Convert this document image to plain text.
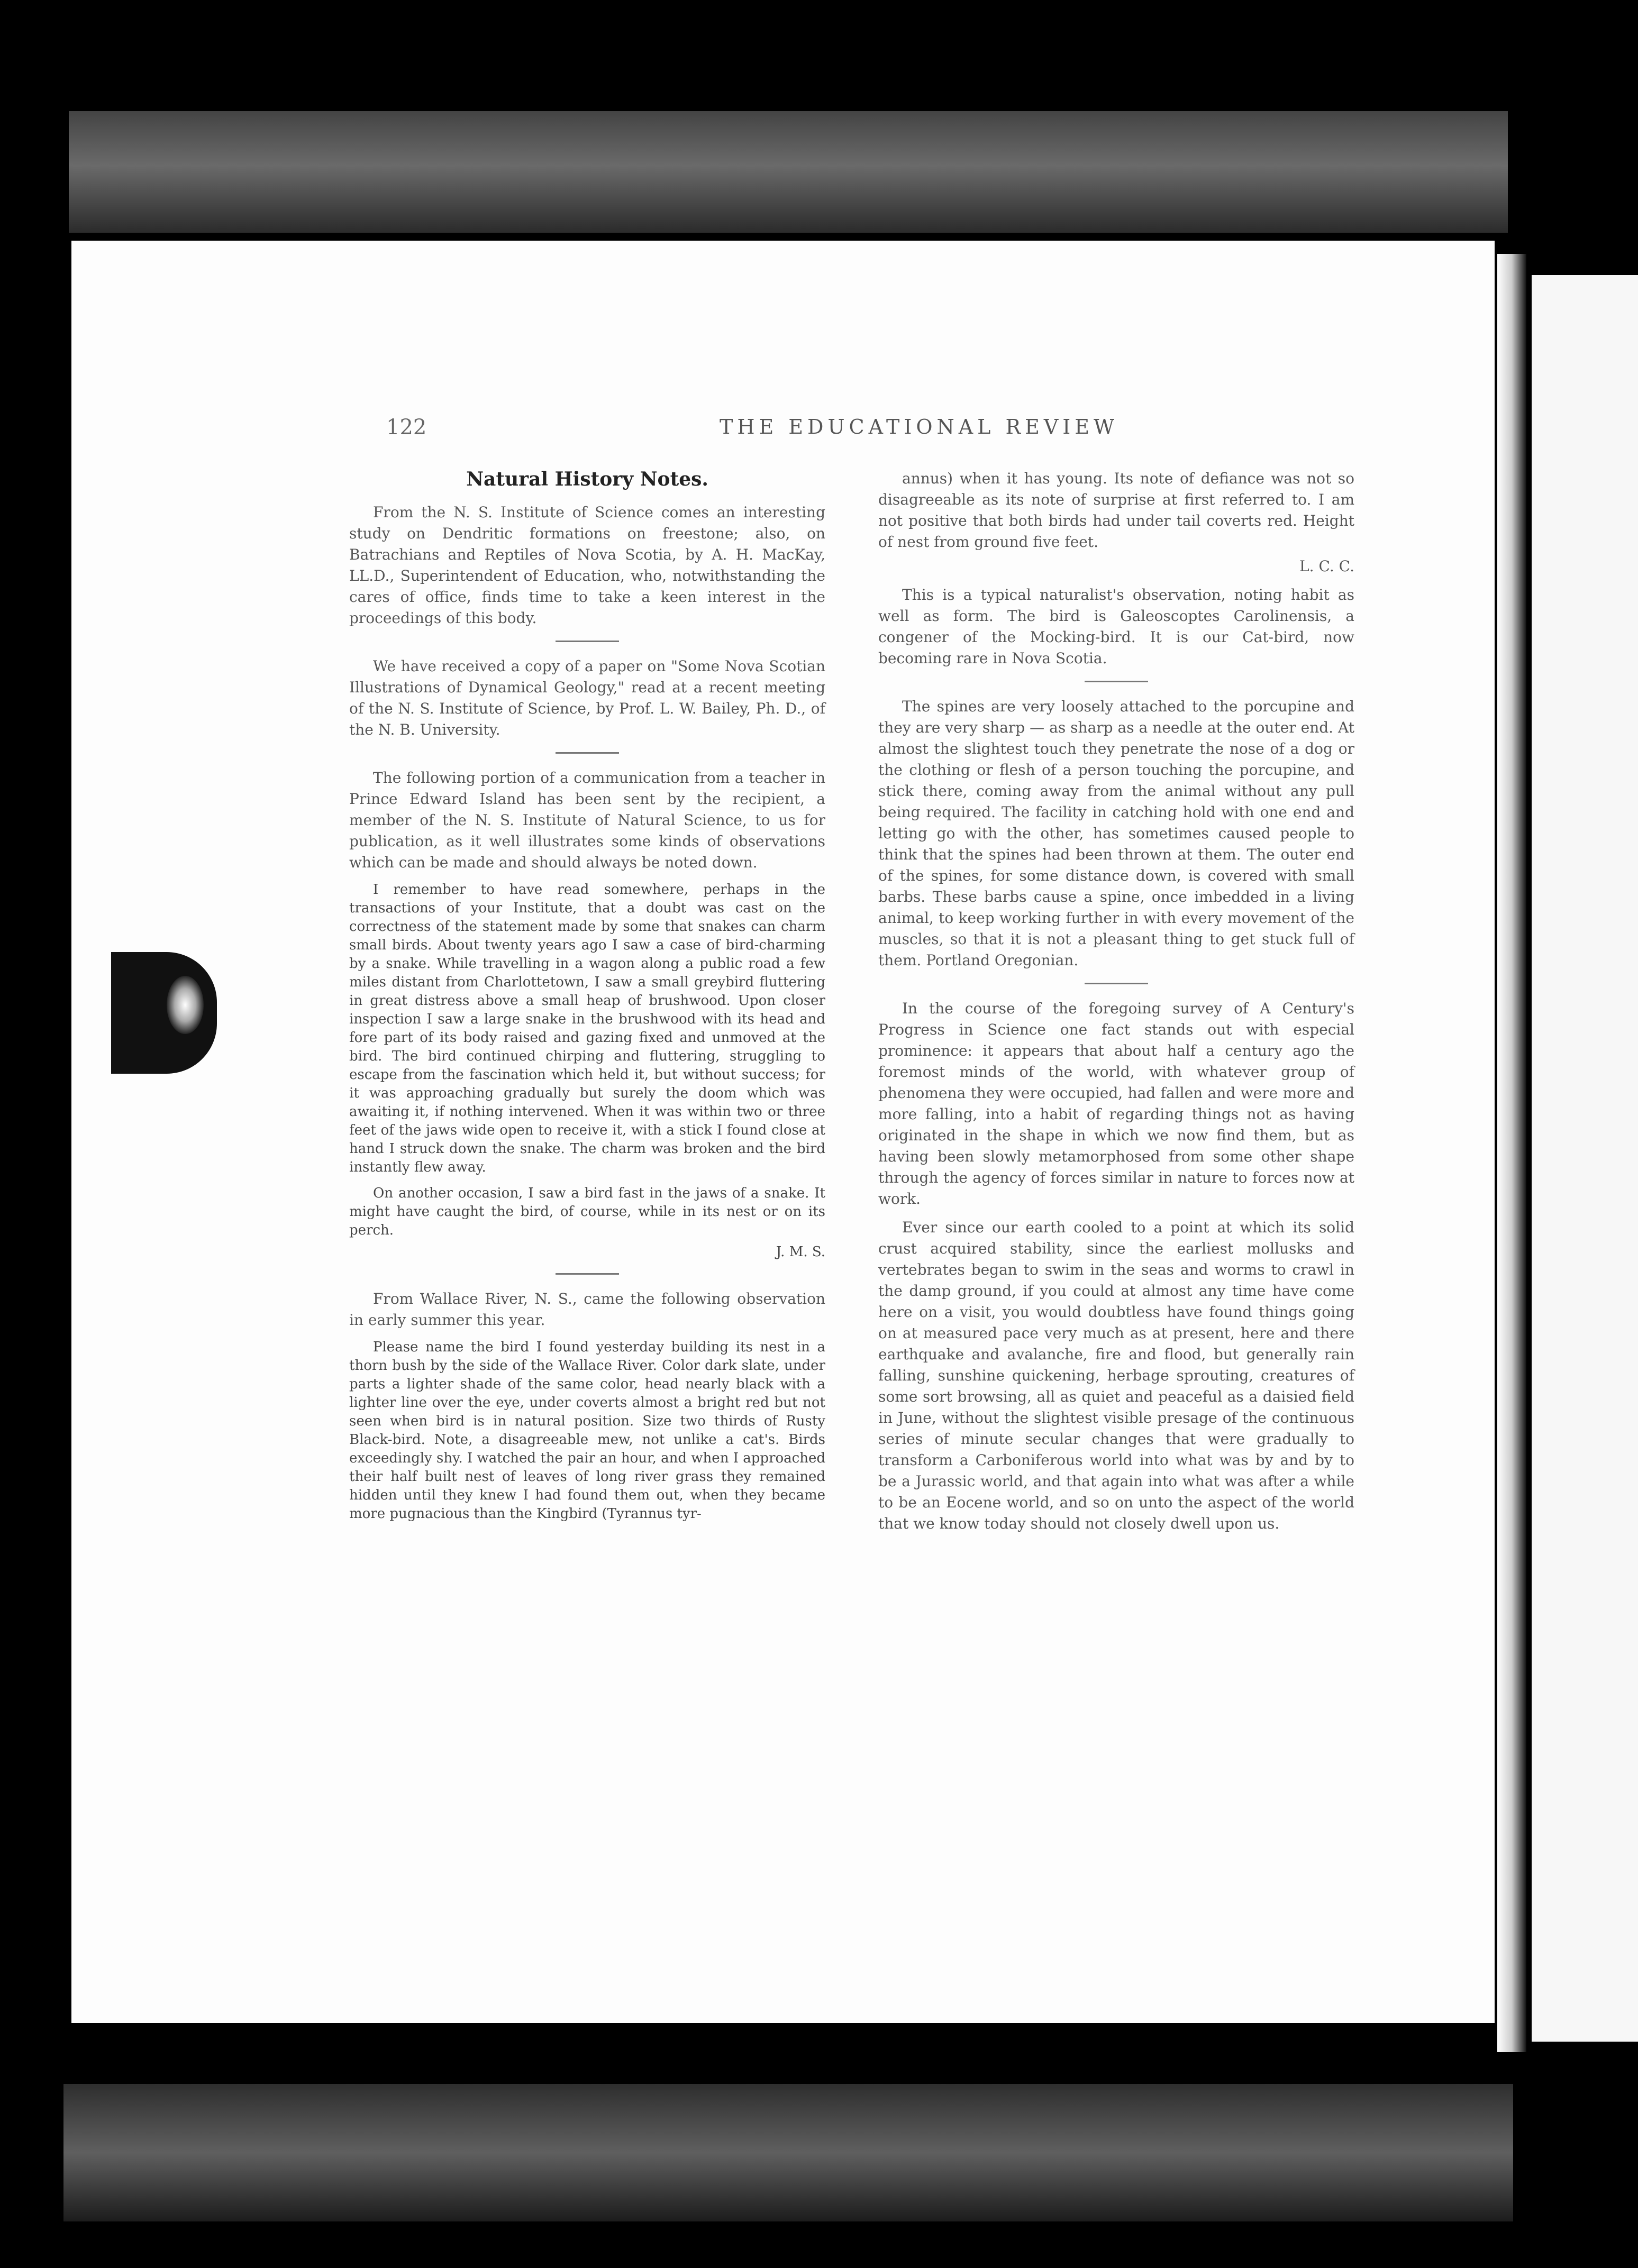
122	THE EDUCATIONAL REVIEW
Natural History Notes.

From the N. S. Institute of Science comes an interesting study on Dendritic formations on freestone; also, on Batrachians and Reptiles of Nova Scotia, by A. H. MacKay, LL.D., Superintendent of Education, who, notwithstanding the cares of office, finds time to take a keen interest in the proceedings of this body.

We have received a copy of a paper on "Some Nova Scotian Illustrations of Dynamical Geology," read at a recent meeting of the N. S. Institute of Science, by Prof. L. W. Bailey, Ph. D., of the N. B. University.

The following portion of a communication from a teacher in Prince Edward Island has been sent by the recipient, a member of the N. S. Institute of Natural Science, to us for publication, as it well illustrates some kinds of observations which can be made and should always be noted down.

I remember to have read somewhere, perhaps in the transactions of your Institute, that a doubt was cast on the correctness of the statement made by some that snakes can charm small birds. About twenty years ago I saw a case of bird-charming by a snake. While travelling in a wagon along a public road a few miles distant from Charlottetown, I saw a small greybird fluttering in great distress above a small heap of brushwood. Upon closer inspection I saw a large snake in the brushwood with its head and fore part of its body raised and gazing fixed and unmoved at the bird. The bird continued chirping and fluttering, struggling to escape from the fascination which held it, but without success; for it was approaching gradually but surely the doom which was awaiting it, if nothing intervened. When it was within two or three feet of the jaws wide open to receive it, with a stick I found close at hand I struck down the snake. The charm was broken and the bird instantly flew away.

On another occasion, I saw a bird fast in the jaws of a snake. It might have caught the bird, of course, while in its nest or on its perch.

J. M. S.

From Wallace River, N. S., came the following observation in early summer this year.

Please name the bird I found yesterday building its nest in a thorn bush by the side of the Wallace River. Color dark slate, under parts a lighter shade of the same color, head nearly black with a lighter line over the eye, under coverts almost a bright red but not seen when bird is in natural position. Size two thirds of Rusty Black-bird. Note, a disagreeable mew, not unlike a cat's. Birds exceedingly shy. I watched the pair an hour, and when I approached their half built nest of leaves of long river grass they remained hidden until they knew I had found them out, when they became more pugnacious than the Kingbird (Tyrannus tyr-

annus) when it has young. Its note of defiance was not so disagreeable as its note of surprise at first referred to. I am not positive that both birds had under tail coverts red. Height of nest from ground five feet.

L. C. C.

This is a typical naturalist's observation, noting habit as well as form. The bird is Galeoscoptes Carolinensis, a congener of the Mocking-bird. It is our Cat-bird, now becoming rare in Nova Scotia.

The spines are very loosely attached to the porcupine and they are very sharp — as sharp as a needle at the outer end. At almost the slightest touch they penetrate the nose of a dog or the clothing or flesh of a person touching the porcupine, and stick there, coming away from the animal without any pull being required. The facility in catching hold with one end and letting go with the other, has sometimes caused people to think that the spines had been thrown at them. The outer end of the spines, for some distance down, is covered with small barbs. These barbs cause a spine, once imbedded in a living animal, to keep working further in with every movement of the muscles, so that it is not a pleasant thing to get stuck full of them. Portland Oregonian.

In the course of the foregoing survey of A Century's Progress in Science one fact stands out with especial prominence: it appears that about half a century ago the foremost minds of the world, with whatever group of phenomena they were occupied, had fallen and were more and more falling, into a habit of regarding things not as having originated in the shape in which we now find them, but as having been slowly metamorphosed from some other shape through the agency of forces similar in nature to forces now at work.

Ever since our earth cooled to a point at which its solid crust acquired stability, since the earliest mollusks and vertebrates began to swim in the seas and worms to crawl in the damp ground, if you could at almost any time have come here on a visit, you would doubtless have found things going on at measured pace very much as at present, here and there earthquake and avalanche, fire and flood, but generally rain falling, sunshine quickening, herbage sprouting, creatures of some sort browsing, all as quiet and peaceful as a daisied field in June, without the slightest visible presage of the continuous series of minute secular changes that were gradually to transform a Carboniferous world into what was by and by to be a Jurassic world, and that again into what was after a while to be an Eocene world, and so on unto the aspect of the world that we know today should not closely dwell upon us.
